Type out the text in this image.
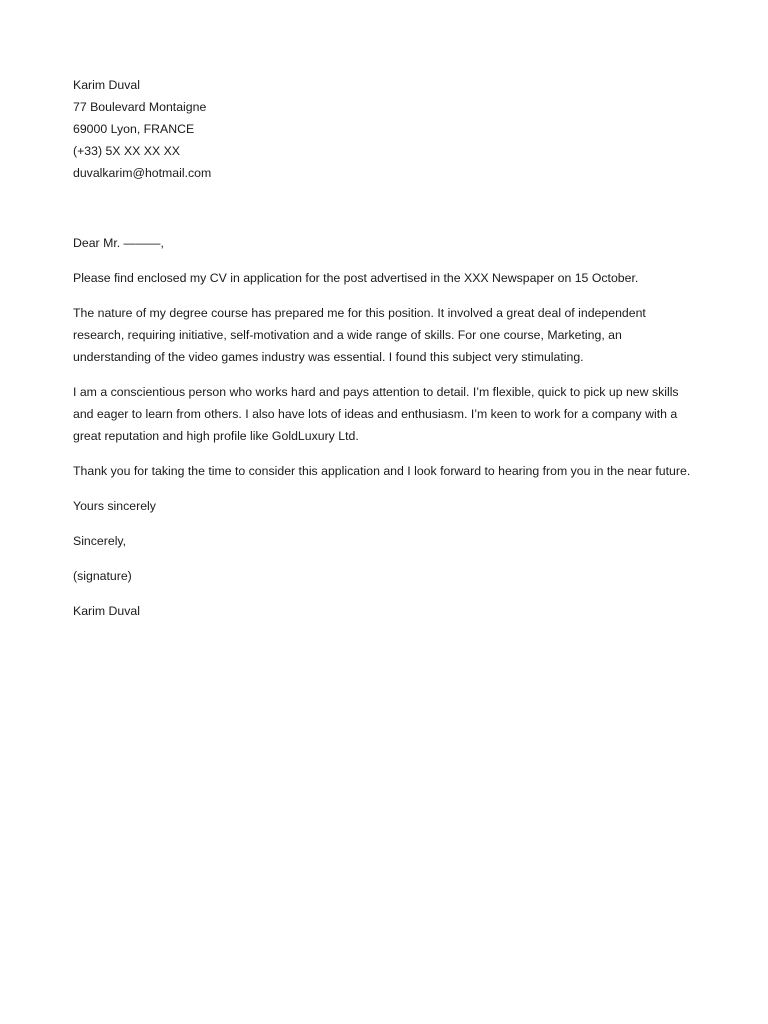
Karim Duval
77 Boulevard Montaigne
69000 Lyon, FRANCE
(+33) 5X XX XX XX
duvalkarim@hotmail.com

Dear Mr. ———,

Please find enclosed my CV in application for the post advertised in the XXX Newspaper on 15 October.

The nature of my degree course has prepared me for this position. It involved a great deal of independent research, requiring initiative, self-motivation and a wide range of skills. For one course, Marketing, an understanding of the video games industry was essential. I found this subject very stimulating.

I am a conscientious person who works hard and pays attention to detail. I’m flexible, quick to pick up new skills and eager to learn from others. I also have lots of ideas and enthusiasm. I’m keen to work for a company with a great reputation and high profile like GoldLuxury Ltd.

Thank you for taking the time to consider this application and I look forward to hearing from you in the near future.

Yours sincerely

Sincerely,

(signature)

Karim Duval
